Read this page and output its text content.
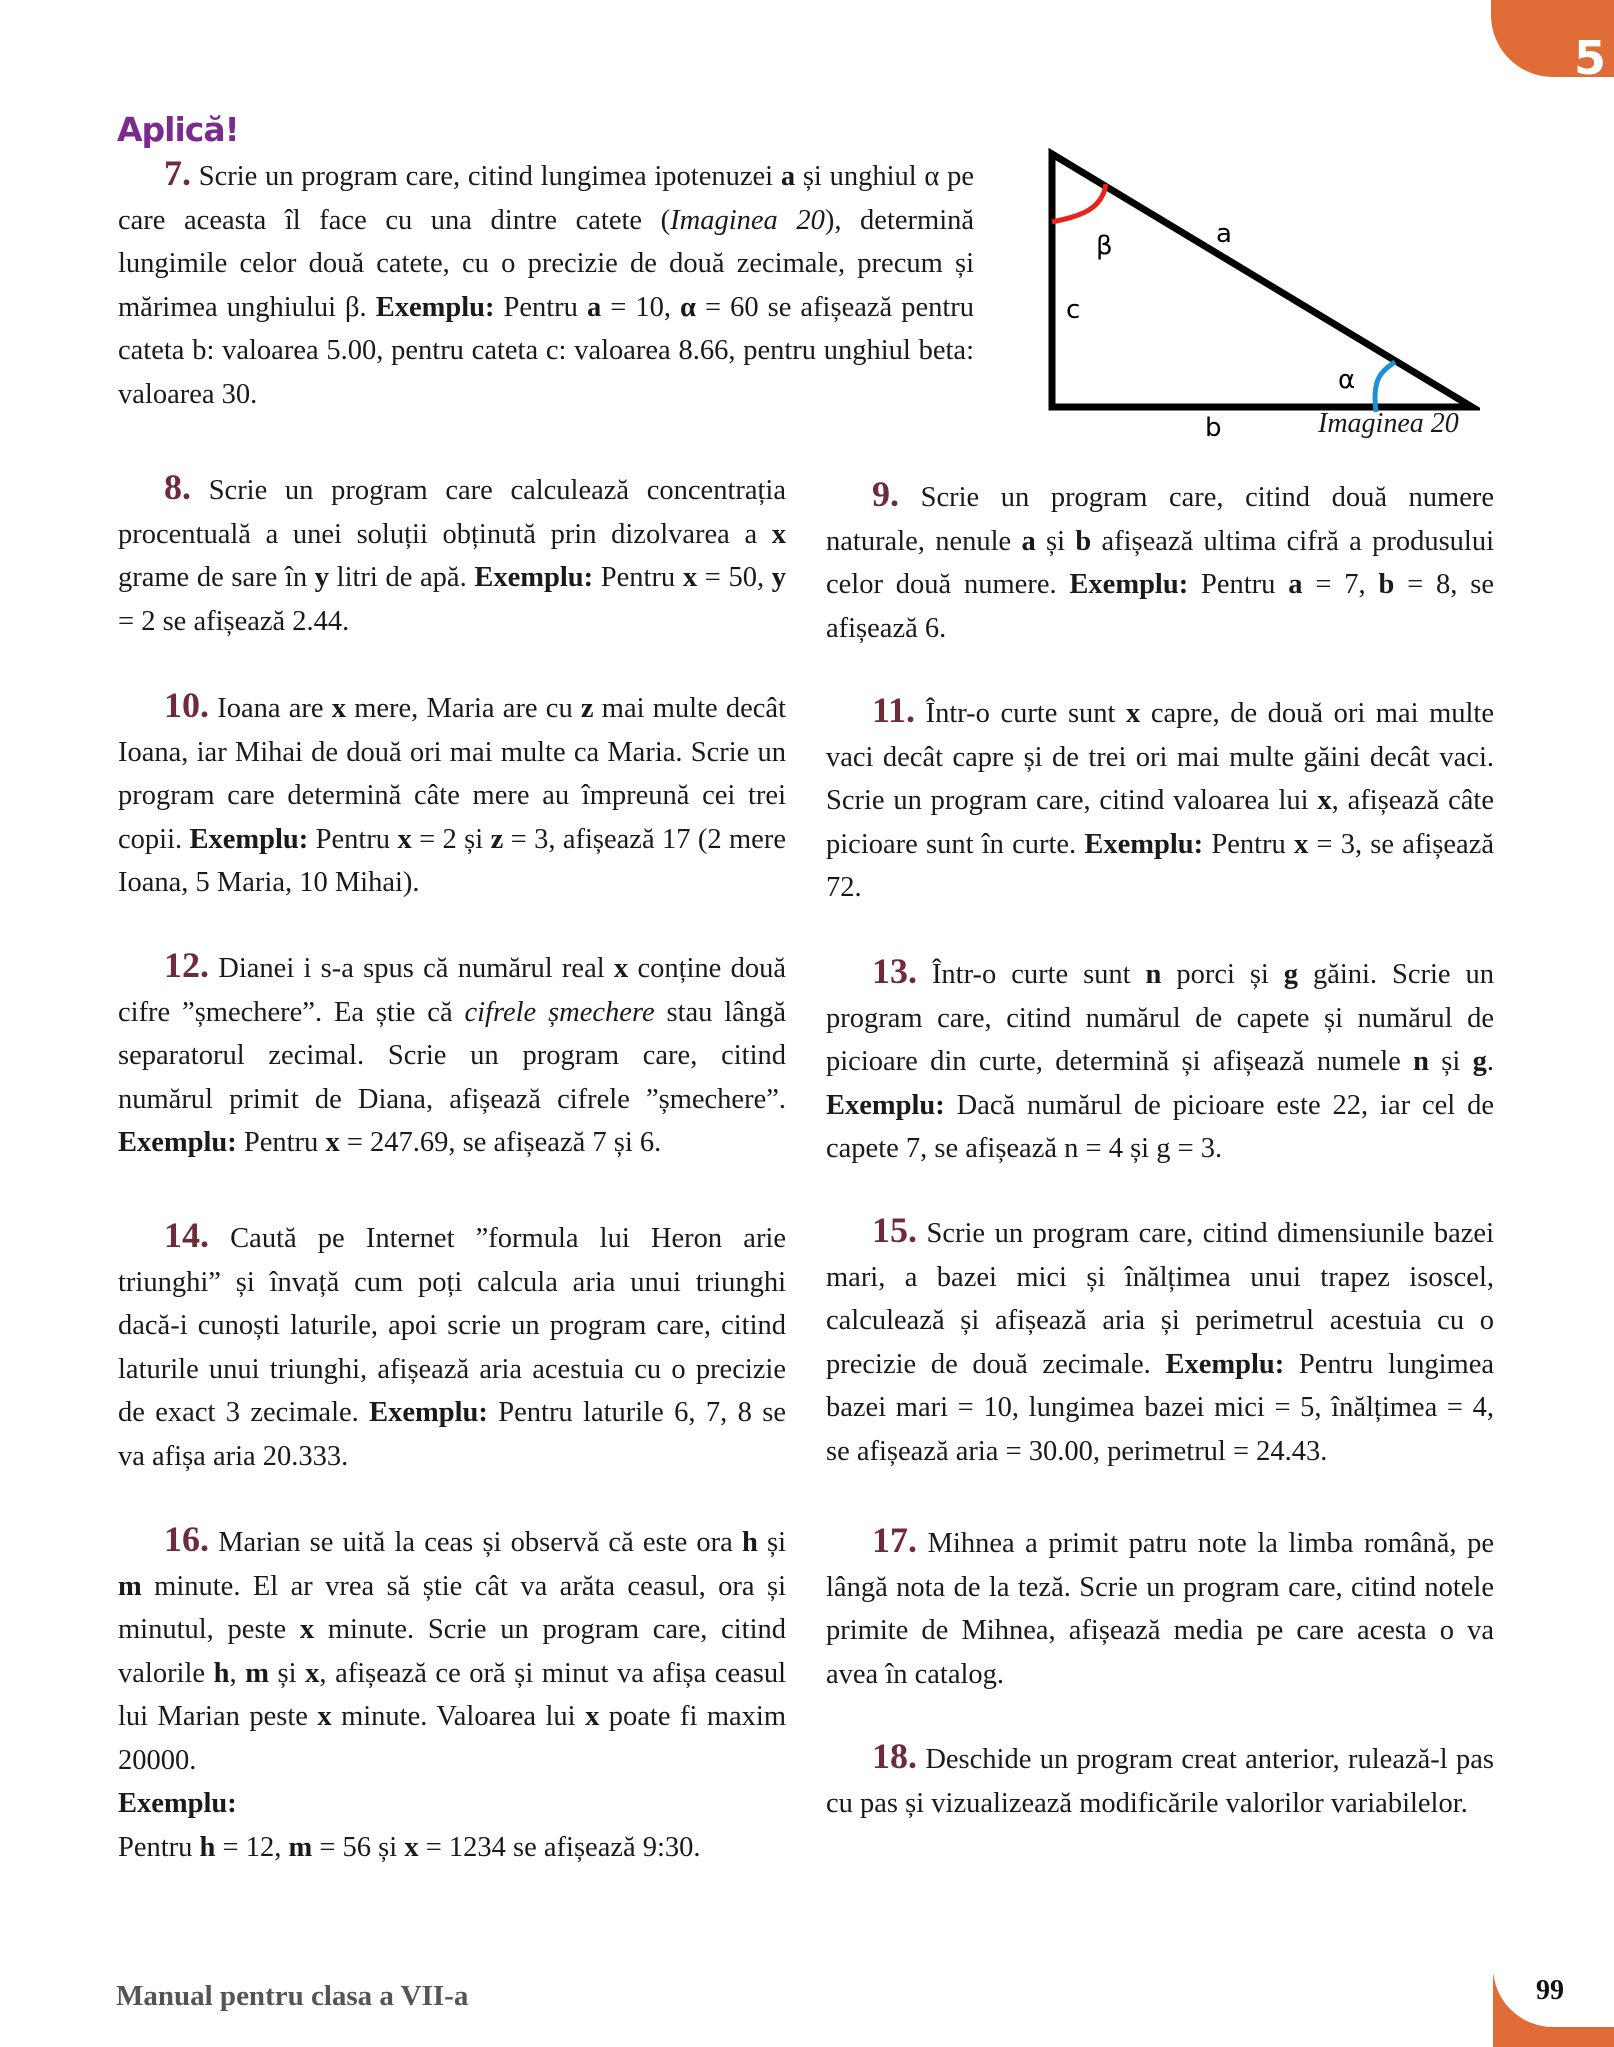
5
Aplică!

7. Scrie un program care, citind lungimea ipotenuzei a și unghiul α pe care aceasta îl face cu una dintre catete (Imaginea 20), determină lungimile celor două catete, cu o precizie de două zecimale, precum și mărimea unghiului β. Exemplu: Pentru a = 10, α = 60 se afișează pentru cateta b: valoarea 5.00, pentru cateta c: valoarea 8.66, pentru unghiul beta: valoarea 30.

β	a
c
α
b	Imaginea 20

8. Scrie un program care calculează concentrația procentuală a unei soluții obținută prin dizolvarea a x grame de sare în y litri de apă. Exemplu: Pentru x = 50, y = 2 se afișează 2.44.

10. Ioana are x mere, Maria are cu z mai multe decât Ioana, iar Mihai de două ori mai multe ca Maria. Scrie un program care determină câte mere au împreună cei trei copii. Exemplu: Pentru x = 2 și z = 3, afișează 17 (2 mere Ioana, 5 Maria, 10 Mihai).

12. Dianei i s-a spus că numărul real x conține două cifre ”șmechere”. Ea știe că cifrele șmechere stau lângă separatorul zecimal. Scrie un program care, citind numărul primit de Diana, afișează cifrele ”șmechere”. Exemplu: Pentru x = 247.69, se afișează 7 și 6.

14. Caută pe Internet ”formula lui Heron arie triunghi” și învață cum poți calcula aria unui triunghi dacă-i cunoști laturile, apoi scrie un program care, citind laturile unui triunghi, afișează aria acestuia cu o precizie de exact 3 zecimale. Exemplu: Pentru laturile 6, 7, 8 se va afișa aria 20.333.

16. Marian se uită la ceas și observă că este ora h și m minute. El ar vrea să știe cât va arăta ceasul, ora și minutul, peste x minute. Scrie un program care, citind valorile h, m și x, afișează ce oră și minut va afișa ceasul lui Marian peste x minute. Valoarea lui x poate fi maxim 20000.

Exemplu:

Pentru h = 12, m = 56 și x = 1234 se afișează 9:30.

9. Scrie un program care, citind două numere naturale, nenule a și b afișează ultima cifră a produsului celor două numere. Exemplu: Pentru a = 7, b = 8, se afișează 6.

11. Într-o curte sunt x capre, de două ori mai multe vaci decât capre și de trei ori mai multe găini decât vaci. Scrie un program care, citind valoarea lui x, afișează câte picioare sunt în curte. Exemplu: Pentru x = 3, se afișează 72.

13. Într-o curte sunt n porci și g găini. Scrie un program care, citind numărul de capete și numărul de picioare din curte, determină și afișează numele n și g. Exemplu: Dacă numărul de picioare este 22, iar cel de capete 7, se afișează n = 4 și g = 3.

15. Scrie un program care, citind dimensiunile bazei mari, a bazei mici și înălțimea unui trapez isoscel, calculează și afișează aria și perimetrul acestuia cu o precizie de două zecimale. Exemplu: Pentru lungimea bazei mari = 10, lungimea bazei mici = 5, înălțimea = 4, se afișează aria = 30.00, perimetrul = 24.43.

17. Mihnea a primit patru note la limba română, pe lângă nota de la teză. Scrie un program care, citind notele primite de Mihnea, afișează media pe care acesta o va avea în catalog.

18. Deschide un program creat anterior, rulează-l pas cu pas și vizualizează modificările valorilor variabilelor.

Manual pentru clasa a VII-a	99
